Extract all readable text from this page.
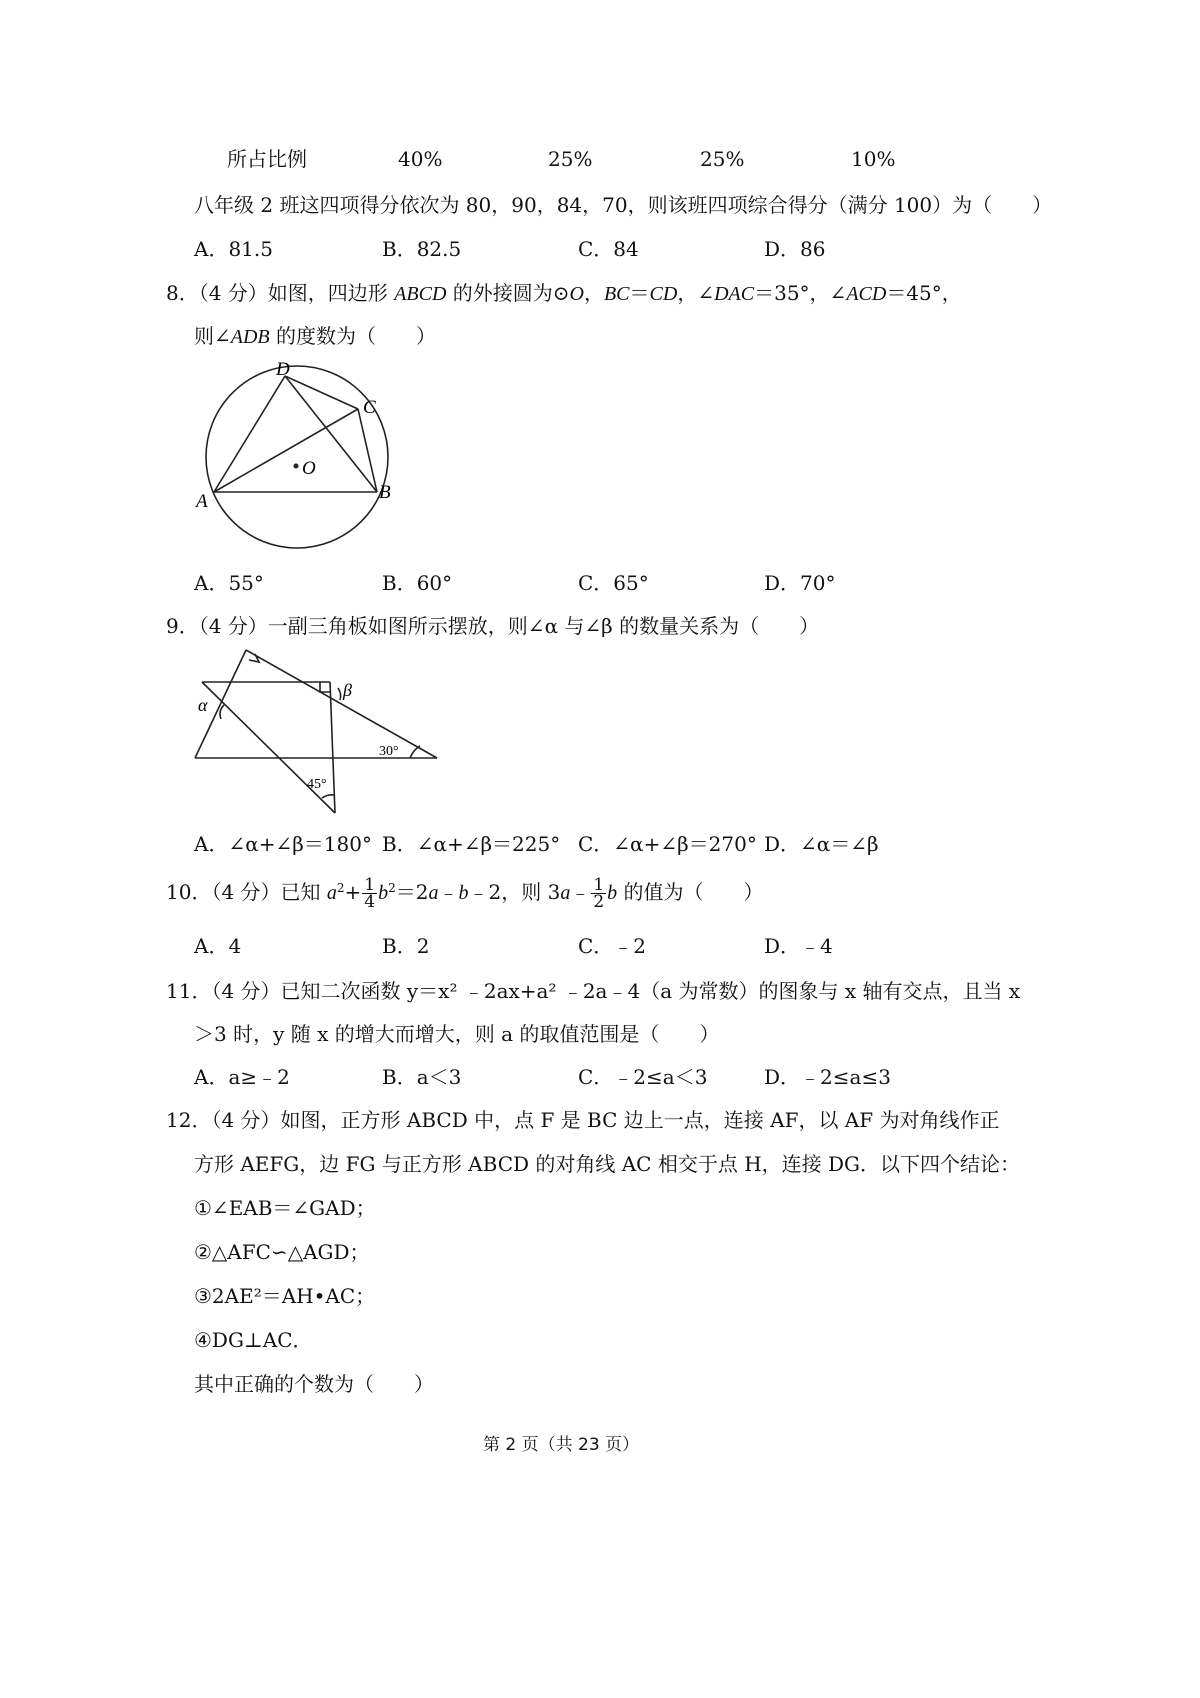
所占比例	40%	25%	25%	10%
八年级 2 班这四项得分依次为 80，90，84，70，则该班四项综合得分（满分 100）为（　　）
A．81.5	B．82.5	C．84	D．86
8．（4 分）如图，四边形 ABCD 的外接圆为⊙O，BC＝CD，∠DAC＝35°，∠ACD＝45°，
则∠ADB 的度数为（　　）
D
C
O
A	B
A．55°	B．60°	C．65°	D．70°
9．（4 分）一副三角板如图所示摆放，则∠α 与∠β 的数量关系为（　　）
α
β
30°
45°
A．∠α+∠β＝180° B．∠α+∠β＝225° C．∠α+∠β＝270° D．∠α＝∠β
10．（4 分）已知 $a^2+ \frac{1}{4}$ $b^2=2a﹣b﹣2$，则 3a﹣ $\frac{1}{2}$ b 的值为（　　）
A．4	B．2	C．﹣2	D．﹣4
11．（4 分）已知二次函数 y＝x² ﹣2ax+a² ﹣2a﹣4（a 为常数）的图象与 x 轴有交点，且当 x
＞3 时，y 随 x 的增大而增大，则 a 的取值范围是（　　）
A．a≥﹣2	B．a＜3	C．﹣2≤a＜3	D．﹣2≤a≤3
12．（4 分）如图，正方形 ABCD 中，点 F 是 BC 边上一点，连接 AF，以 AF 为对角线作正
方形 AEFG，边 FG 与正方形 ABCD 的对角线 AC 相交于点 H，连接 DG．以下四个结论：
①∠EAB＝∠GAD；
②△AFC∽△AGD；
③2AE²＝AH•AC；
④DG⊥AC．
其中正确的个数为（　　）
第 2 页（共 23 页）
